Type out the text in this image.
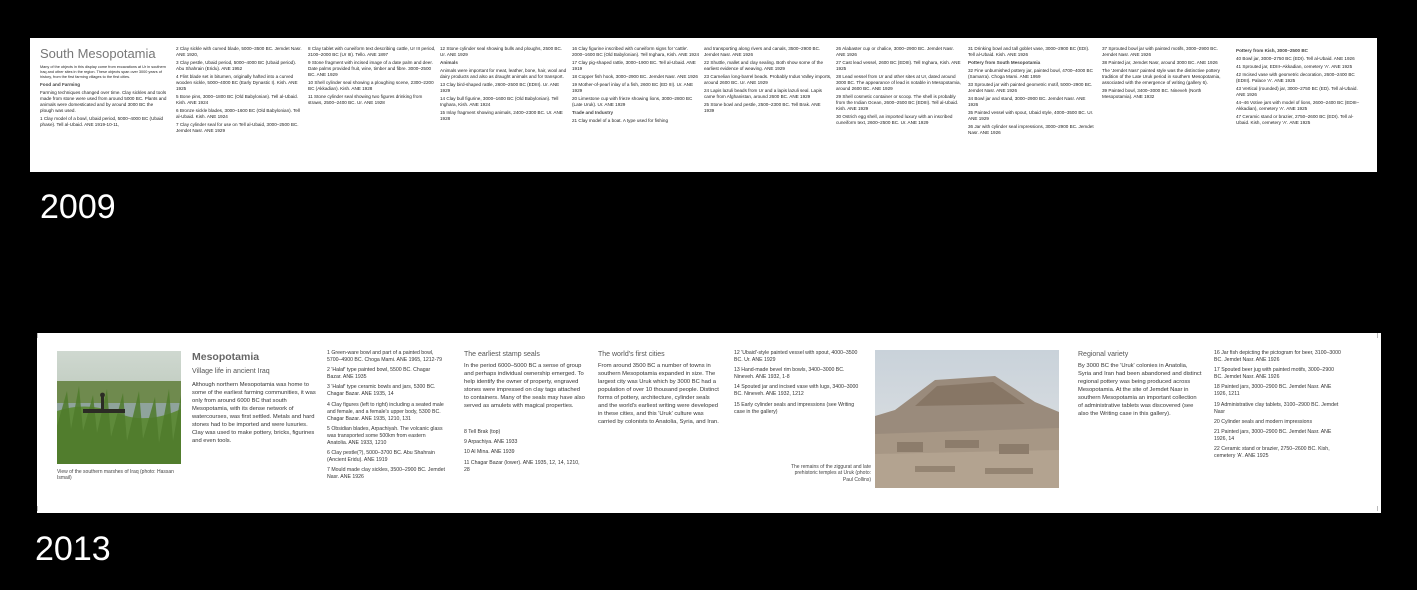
2009
2013
South Mesopotamia

Many of the objects in this display come from excavations at Ur in southern Iraq and other sites in the region. These objects span over 3000 years of history, from the first farming villages to the first cities.

Food and Farming

Farming techniques changed over time. Clay sickles and tools made from stone were used from around 5000 BC. Plants and animals were domesticated and by around 3000 BC the plough was used.

1 Clay model of a bowl, Ubaid period, 5000–4000 BC (Ubaid phase). Tell al-Ubaid. ANE 1919-10-11,

2 Clay sickle with curved blade, 5000–3500 BC. Jemdet Nasr. ANE 1920,

3 Clay pestle, Ubaid period, 5000–4000 BC (Ubaid period). Abu Shahrain (Eridu). ANE 1952

4 Flint blade set in bitumen, originally hafted into a curved wooden sickle, 5000–4000 BC (Early Dynastic I). Kish. ANE 1925

5 Bone pins, 3000–1800 BC (Old Babylonian). Tell al-Ubaid. Kish. ANE 1924

6 Bronze sickle blades, 3000–1600 BC (Old Babylonian). Tell al-Ubaid. Kish. ANE 1924

7 Clay cylinder seal for use on Tell al-Ubaid, 3000–2500 BC. Jemdet Nasr. ANE 1929

8 Clay tablet with cuneiform text describing cattle, Ur III period, 2100–2000 BC (Ur III). Tello. ANE 1897

9 Stone fragment with incised image of a date palm and deer. Date palms provided fruit, wine, timber and fibre. 3000–2500 BC. ANE 1929

10 Shell cylinder seal showing a ploughing scene, 2300–2200 BC (Akkadian). Kish. ANE 1928

11 Stone cylinder seal showing two figures drinking from straws, 2500–2400 BC. Ur. ANE 1928

12 Stone cylinder seal showing bulls and ploughs, 2500 BC. Ur. ANE 1929

Animals

Animals were important for meat, leather, bone, hair, wool and dairy products and also as draught animals and for transport.

13 Clay bird-shaped rattle, 2600–2500 BC (EDIII). Ur. ANE 1929

14 Clay bull figurine, 3000–1600 BC (Old Babylonian). Tell Inghara, Kish. ANE 1924

15 Inlay fragment showing animals, 2400–2300 BC. Ur. ANE 1928

16 Clay figurine inscribed with cuneiform signs for 'cattle'. 2000–1600 BC (Old Babylonian). Tell Inghara, Kish. ANE 1924

17 Clay pig-shaped rattle, 3000–1900 BC. Tell al-Ubaid. ANE 1919

18 Copper fish hook, 3000–2900 BC. Jemdet Nasr. ANE 1926

19 Mother-of-pearl inlay of a fish, 2600 BC (ED III). Ur. ANE 1929

20 Limestone cup with frieze showing lions, 3000–2800 BC (Late Uruk). Ur. ANE 1929

Trade and Industry

21 Clay model of a boat. A type used for fishing

and transporting along rivers and canals, 3500–2900 BC. Jemdet Nasr. ANE 1926

22 Shuttle, mallet and clay sealing. Both show some of the earliest evidence of weaving. ANE 1929

23 Carnelian long-barrel beads. Probably Indus Valley imports, around 2600 BC. Ur. ANE 1929

24 Lapis lazuli beads from Ur and a lapis lazuli seal. Lapis came from Afghanistan, around 2600 BC. ANE 1929

25 Stone bowl and pestle, 2500–2300 BC. Tell Brak. ANE 1939

26 Alabaster cup or chalice, 3000–2900 BC. Jemdet Nasr. ANE 1926

27 Cast lead vessel, 2600 BC (EDIII). Tell Inghara, Kish. ANE 1925

28 Lead vessel from Ur and other sites at Ur, dated around 3000 BC. The appearance of lead is notable in Mesopotamia, around 2600 BC. ANE 1929

29 Shell cosmetic container or scoop. The shell is probably from the Indian Ocean, 2600–2500 BC (EDIII). Tell al-Ubaid. Kish. ANE 1929

30 Ostrich egg shell, an imported luxury with an inscribed cuneiform text, 2600–2500 BC. Ur. ANE 1929

31 Drinking bowl and tall goblet vase, 3000–2900 BC (EDI). Tell al-Ubaid. Kish. ANE 1926

Pottery from South Mesopotamia

32 Fine unburnished pottery jar, painted bowl, 4700–4000 BC (Samarra). Choga Mami. ANE 1959

33 Sprouted jar with painted geometric motif, 5000–2900 BC. Jemdet Nasr. ANE 1926

34 Bowl jar and stand, 3000–2900 BC. Jemdet Nasr. ANE 1926

35 Painted vessel with spout, Ubaid style, 4000–3500 BC. Ur. ANE 1929

36 Jar with cylinder seal impressions, 3000–2900 BC. Jemdet Nasr. ANE 1926

37 Sprouted bowl jar with painted motifs, 3000–2900 BC. Jemdet Nasr. ANE 1926

38 Painted jar, Jemdet Nasr, around 3000 BC. ANE 1926

The 'Jemdet Nasr' painted style was the distinctive pottery tradition of the Late Uruk period in southern Mesopotamia, associated with the emergence of writing (gallery 6).

39 Painted bowl, 3400–3000 BC. Nineveh (North Mesopotamia). ANE 1932

Pottery from Kish, 3000–2500 BC

40 Bowl jar, 3000–2750 BC (EDI). Tell al-Ubaid. ANE 1926

41 Sprouted jar, EDIII–Akkadian, cemetery 'A'. ANE 1925

42 Incised vase with geometric decoration, 2600–2400 BC (EDIII). Palace 'A'. ANE 1925

43 Vertical (rounded) jar, 3000–2750 BC (ED). Tell al-Ubaid. ANE 1926

44–46 Votive jars with model of lions, 2600–2400 BC (EDIII–Akkadian), cemetery 'A'. ANE 1925

47 Ceramic stand or brazier, 2750–2600 BC (EDI). Tell al-Ubaid. Kish, cemetery 'A'. ANE 1925

View of the southern marshes of Iraq (photo: Hassan Ismail)
Mesopotamia
Village life in ancient Iraq
Although northern Mesopotamia was home to some of the earliest farming communities, it was only from around 6000 BC that south Mesopotamia, with its dense network of watercourses, was first settled. Metals and hard stones had to be imported and were luxuries. Clay was used to make pottery, bricks, figurines and even tools.

1 Green-ware bowl and part of a painted bowl, 5700–4900 BC. Choga Mami. ANE 1965, 1212-79

2 'Halaf' type painted bowl, 5500 BC. Chagar Bazar. ANE 1935

3 'Halaf' type ceramic bowls and jars, 5300 BC. Chagar Bazar. ANE 1935, 14

4 Clay figures (left to right) including a seated male and female, and a female's upper body, 5300 BC. Chagar Bazar. ANE 1935, 1210, 131

5 Obsidian blades, Arpachiyah. The volcanic glass was transported some 500km from eastern Anatolia. ANE 1933, 1210

6 Clay pestle(?), 5000–3700 BC. Abu Shahrain (Ancient Eridu). ANE 1919

7 Mould made clay sickles, 3500–2900 BC. Jemdet Nasr. ANE 1926

The earliest stamp seals
In the period 6000–5000 BC a sense of group and perhaps individual ownership emerged. To help identify the owner of property, engraved stones were impressed on clay tags attached to containers. Many of the seals may have also served as amulets with magical properties.

8 Tell Brak (top)

9 Arpachiya. ANE 1933

10 Al Mina. ANE 1939

11 Chagar Bazar (lower). ANE 1935, 12, 14, 1210, 28

The world's first cities
From around 3500 BC a number of towns in southern Mesopotamia expanded in size. The largest city was Uruk which by 3000 BC had a population of over 10 thousand people. Distinct forms of pottery, architecture, cylinder seals and the world's earliest writing were developed in these cities, and this 'Uruk' culture was carried by colonists to Anatolia, Syria, and Iran.

12 'Ubaid'-style painted vessel with spout, 4000–3500 BC. Ur. ANE 1929

13 Hand-made bevel rim bowls, 3400–3000 BC. Nineveh. ANE 1932, 1-8

14 Spouted jar and incised vase with lugs, 3400–3000 BC. Nineveh. ANE 1932, 1212

15 Early cylinder seals and impressions (see Writing case in the gallery)

The remains of the ziggurat and late prehistoric temples at Uruk (photo: Paul Collins)
Regional variety
By 3000 BC the 'Uruk' colonies in Anatolia, Syria and Iran had been abandoned and distinct regional pottery was being produced across Mesopotamia. At the site of Jemdet Nasr in southern Mesopotamia an important collection of administrative tablets was discovered (see also the Writing case in this gallery).

16 Jar fish depicting the pictogram for beer, 3100–3000 BC. Jemdet Nasr. ANE 1926

17 Spouted beer jug with painted motifs, 3000–2900 BC. Jemdet Nasr. ANE 1926

18 Painted jars, 3000–2900 BC. Jemdet Nasr. ANE 1926, 1211

19 Administrative clay tablets, 3100–2900 BC. Jemdet Nasr

20 Cylinder seals and modern impressions

21 Painted jars, 3000–2900 BC. Jemdet Nasr. ANE 1926, 14

22 Ceramic stand or brazier, 2750–2600 BC. Kish, cemetery 'A'. ANE 1925
